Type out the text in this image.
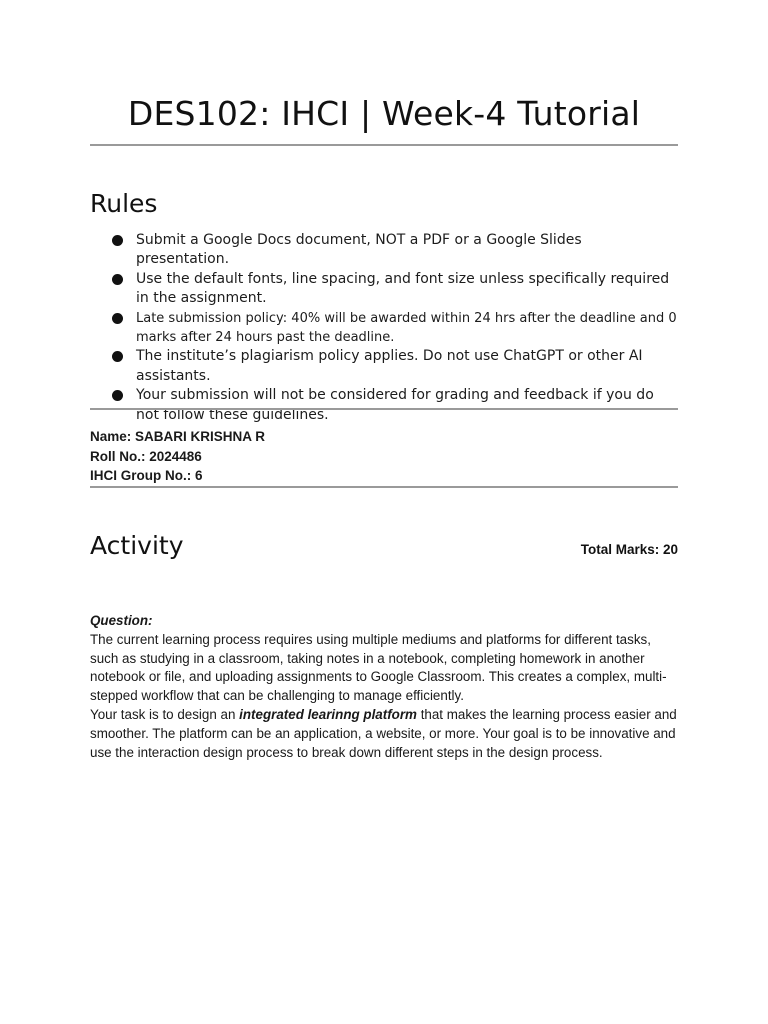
DES102: IHCI | Week-4 Tutorial
Rules
Submit a Google Docs document, NOT a PDF or a Google Slides presentation.
Use the default fonts, line spacing, and font size unless specifically required in the assignment.
Late submission policy: 40% will be awarded within 24 hrs after the deadline and 0 marks after 24 hours past the deadline.
The institute’s plagiarism policy applies. Do not use ChatGPT or other AI assistants.
Your submission will not be considered for grading and feedback if you do not follow these guidelines.
Name: SABARI KRISHNA R
Roll No.: 2024486
IHCI Group No.: 6
Activity	Total Marks: 20
Question:
The current learning process requires using multiple mediums and platforms for different tasks, such as studying in a classroom, taking notes in a notebook, completing homework in another notebook or file, and uploading assignments to Google Classroom. This creates a complex, multi-stepped workflow that can be challenging to manage efficiently.
Your task is to design an integrated learinng platform that makes the learning process easier and smoother. The platform can be an application, a website, or more. Your goal is to be innovative and use the interaction design process to break down different steps in the design process.
